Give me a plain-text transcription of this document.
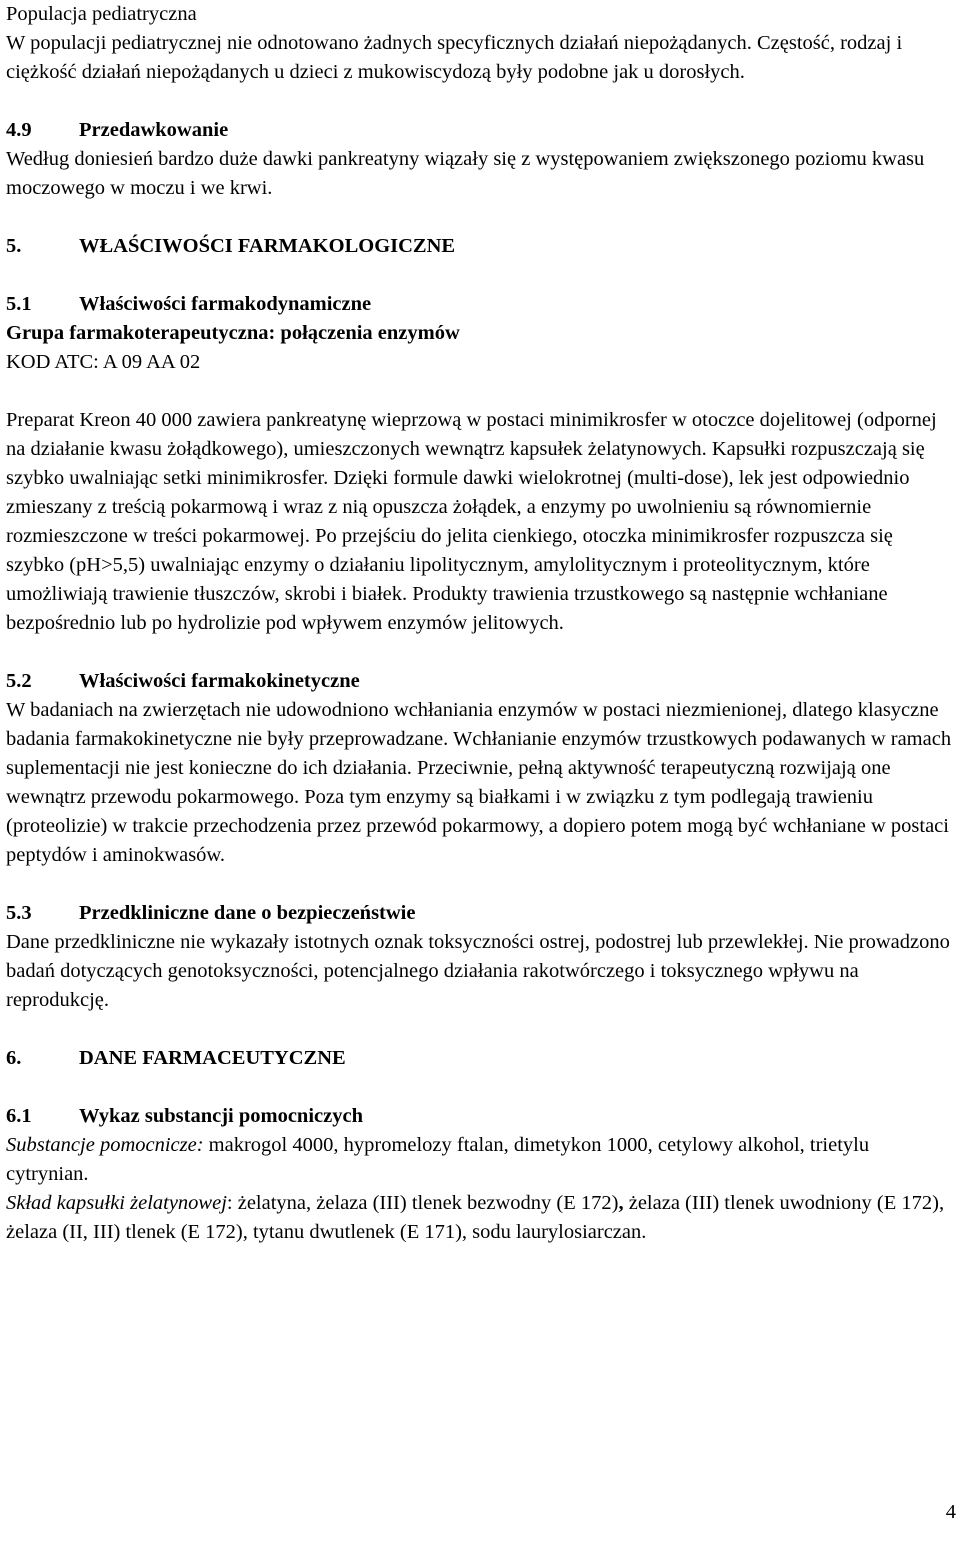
Populacja pediatryczna

W populacji pediatrycznej nie odnotowano żadnych specyficznych działań niepożądanych. Częstość, rodzaj i ciężkość działań niepożądanych u dzieci z mukowiscydozą były podobne jak u dorosłych.

4.9 Przedawkowanie

Według doniesień bardzo duże dawki pankreatyny wiązały się z występowaniem zwiększonego poziomu kwasu moczowego w moczu i we krwi.

5.	WŁAŚCIWOŚCI FARMAKOLOGICZNE

5.1 Właściwości farmakodynamiczne

Grupa farmakoterapeutyczna: połączenia enzymów

KOD ATC: A 09 AA 02

Preparat Kreon 40 000 zawiera pankreatynę wieprzową w postaci minimikrosfer w otoczce dojelitowej (odpornej na działanie kwasu żołądkowego), umieszczonych wewnątrz kapsułek żelatynowych. Kapsułki rozpuszczają się szybko uwalniając setki minimikrosfer. Dzięki formule dawki wielokrotnej (multi-dose), lek jest odpowiednio zmieszany z treścią pokarmową i wraz z nią opuszcza żołądek, a enzymy po uwolnieniu są równomiernie rozmieszczone w treści pokarmowej. Po przejściu do jelita cienkiego, otoczka minimikrosfer rozpuszcza się szybko (pH>5,5) uwalniając enzymy o działaniu lipolitycznym, amylolitycznym i proteolitycznym, które umożliwiają trawienie tłuszczów, skrobi i białek. Produkty trawienia trzustkowego są następnie wchłaniane bezpośrednio lub po hydrolizie pod wpływem enzymów jelitowych.

5.2 Właściwości farmakokinetyczne

W badaniach na zwierzętach nie udowodniono wchłaniania enzymów w postaci niezmienionej, dlatego klasyczne badania farmakokinetyczne nie były przeprowadzane. Wchłanianie enzymów trzustkowych podawanych w ramach suplementacji nie jest konieczne do ich działania. Przeciwnie, pełną aktywność terapeutyczną rozwijają one wewnątrz przewodu pokarmowego. Poza tym enzymy są białkami i w związku z tym podlegają trawieniu (proteolizie) w trakcie przechodzenia przez przewód pokarmowy, a dopiero potem mogą być wchłaniane w postaci peptydów i aminokwasów.

5.3 Przedkliniczne dane o bezpieczeństwie

Dane przedkliniczne nie wykazały istotnych oznak toksyczności ostrej, podostrej lub przewlekłej. Nie prowadzono badań dotyczących genotoksyczności, potencjalnego działania rakotwórczego i toksycznego wpływu na reprodukcję.

6.	DANE FARMACEUTYCZNE

6.1 Wykaz substancji pomocniczych

Substancje pomocnicze: makrogol 4000, hypromelozy ftalan, dimetykon 1000, cetylowy alkohol, trietylu cytrynian.

Skład kapsułki żelatynowej: żelatyna, żelaza (III) tlenek bezwodny (E 172), żelaza (III) tlenek uwodniony (E 172), żelaza (II, III) tlenek (E 172), tytanu dwutlenek (E 171), sodu laurylosiarczan.

4
